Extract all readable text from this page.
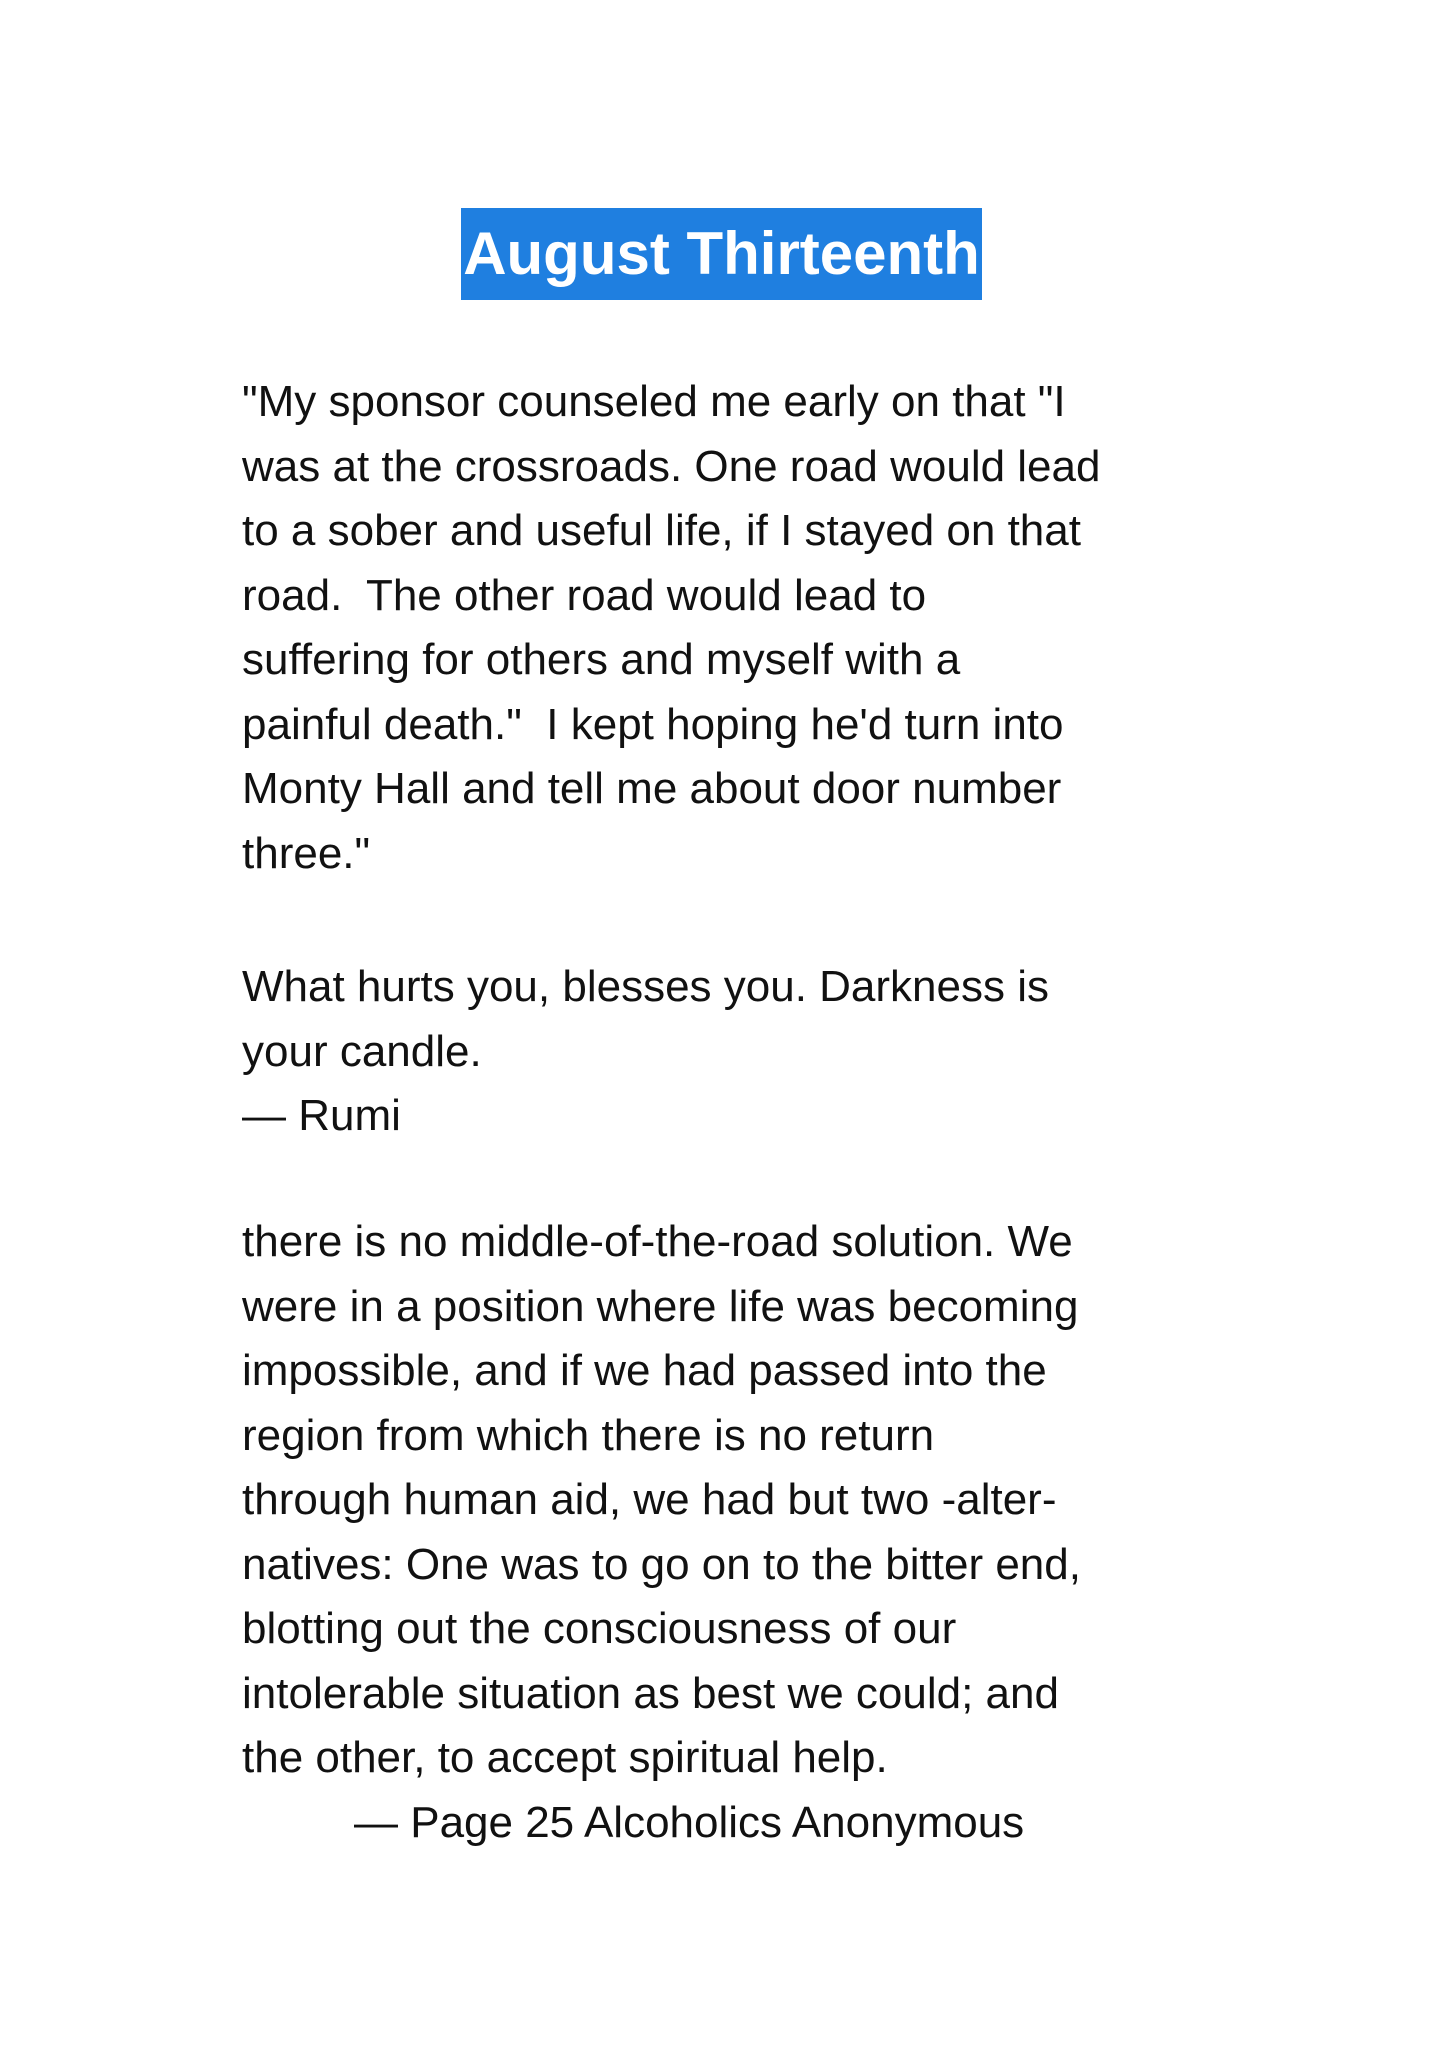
August Thirteenth
"My sponsor counseled me early on that "I
was at the crossroads. One road would lead
to a sober and useful life, if I stayed on that
road.  The other road would lead to
suffering for others and myself with a
painful death."  I kept hoping he'd turn into
Monty Hall and tell me about door number
three."
What hurts you, blesses you. Darkness is
your candle.
— Rumi
there is no middle-of-the-road solution. We
were in a position where life was becoming
impossible, and if we had passed into the
region from which there is no return
through human aid, we had but two -alter-
natives: One was to go on to the bitter end,
blotting out the consciousness of our
intolerable situation as best we could; and
the other, to accept spiritual help.
— Page 25 Alcoholics Anonymous
